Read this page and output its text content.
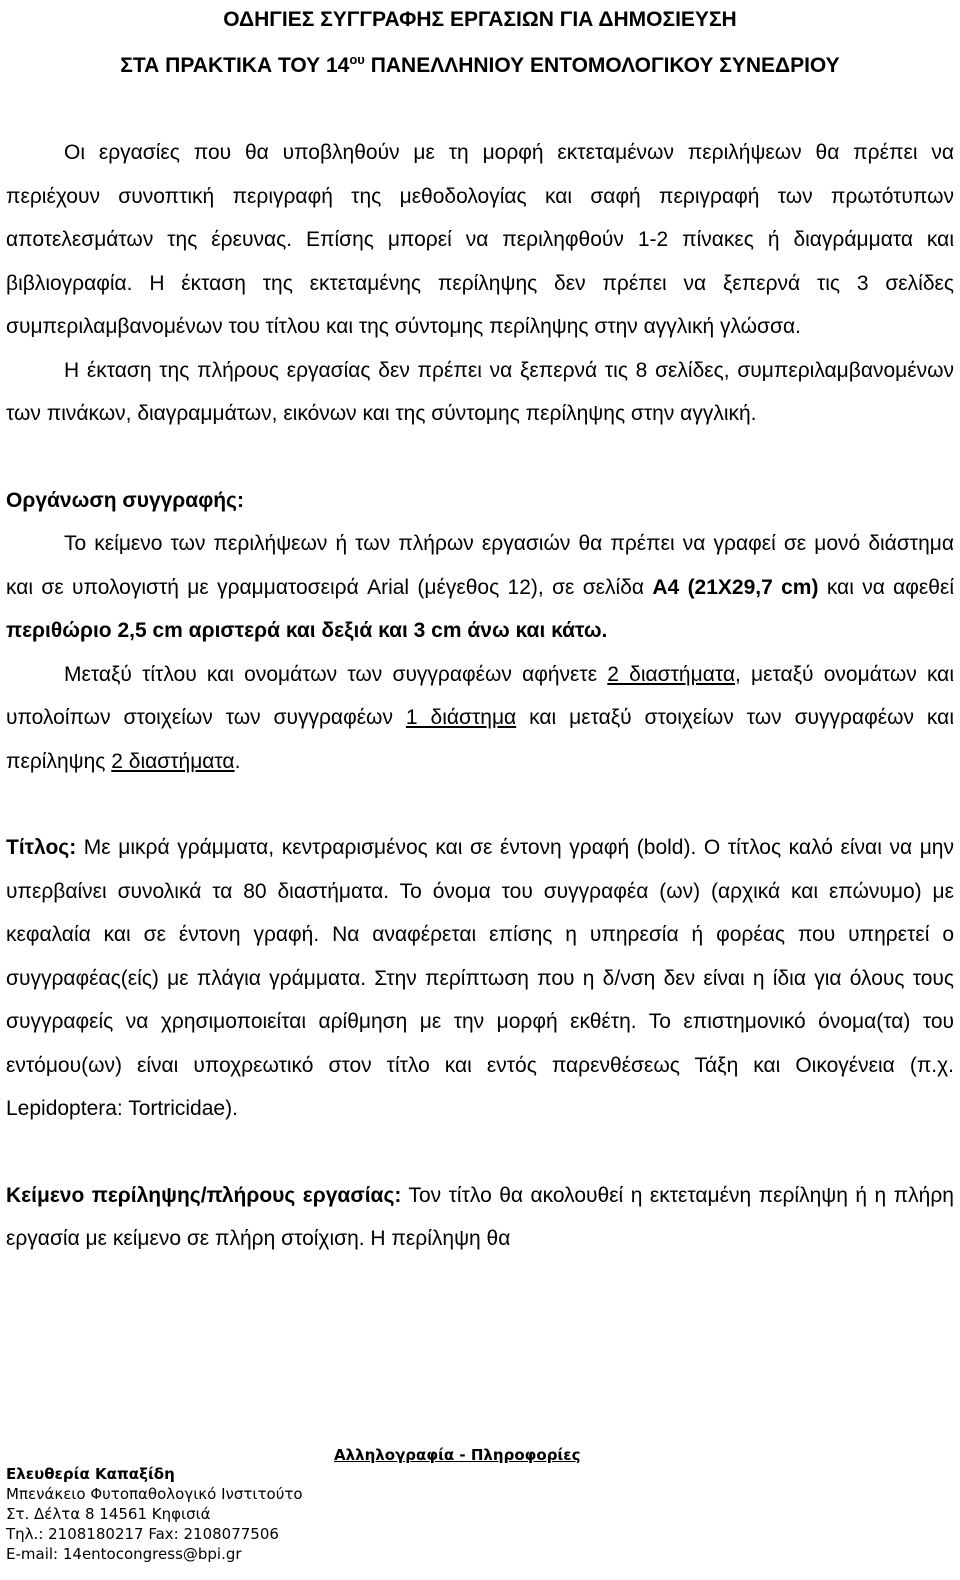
ΟΔΗΓΙΕΣ ΣΥΓΓΡΑΦΗΣ ΕΡΓΑΣΙΩΝ ΓΙΑ ΔΗΜΟΣΙΕΥΣΗ
ΣΤΑ ΠΡΑΚΤΙΚΑ ΤΟΥ $14^{o\upsilon}$ ΠΑΝΕΛΛΗΝΙΟΥ ΕΝΤΟΜΟΛΟΓΙΚΟΥ ΣΥΝΕΔΡΙΟΥ

Οι εργασίες που θα υποβληθούν με τη μορφή εκτεταμένων περιλήψεων θα πρέπει να περιέχουν συνοπτική περιγραφή της μεθοδολογίας και σαφή περιγραφή των πρωτότυπων αποτελεσμάτων της έρευνας. Επίσης μπορεί να περιληφθούν 1-2 πίνακες ή διαγράμματα και βιβλιογραφία. Η έκταση της εκτεταμένης περίληψης δεν πρέπει να ξεπερνά τις 3 σελίδες συμπεριλαμβανομένων του τίτλου και της σύντομης περίληψης στην αγγλική γλώσσα.

Η έκταση της πλήρους εργασίας δεν πρέπει να ξεπερνά τις 8 σελίδες, συμπεριλαμβανομένων των πινάκων, διαγραμμάτων, εικόνων και της σύντομης περίληψης στην αγγλική.

Οργάνωση συγγραφής:

Το κείμενο των περιλήψεων ή των πλήρων εργασιών θα πρέπει να γραφεί σε μονό διάστημα και σε υπολογιστή με γραμματοσειρά Arial (μέγεθος 12), σε σελίδα Α4 (21Χ29,7 cm) και να αφεθεί περιθώριο 2,5 cm αριστερά και δεξιά και 3 cm άνω και κάτω.

Μεταξύ τίτλου και ονομάτων των συγγραφέων αφήνετε 2 διαστήματα, μεταξύ ονομάτων και υπολοίπων στοιχείων των συγγραφέων 1 διάστημα και μεταξύ στοιχείων των συγγραφέων και περίληψης 2 διαστήματα.

Τίτλος: Με μικρά γράμματα, κεντραρισμένος και σε έντονη γραφή (bold). Ο τίτλος καλό είναι να μην υπερβαίνει συνολικά τα 80 διαστήματα. Το όνομα του συγγραφέα (ων) (αρχικά και επώνυμο) με κεφαλαία και σε έντονη γραφή. Να αναφέρεται επίσης η υπηρεσία ή φορέας που υπηρετεί ο συγγραφέας(είς) με πλάγια γράμματα. Στην περίπτωση που η δ/νση δεν είναι η ίδια για όλους τους συγγραφείς να χρησιμοποιείται αρίθμηση με την μορφή εκθέτη. Το επιστημονικό όνομα(τα) του εντόμου(ων) είναι υποχρεωτικό στον τίτλο και εντός παρενθέσεως Τάξη και Οικογένεια (π.χ. Lepidoptera: Tortricidae).

Κείμενο περίληψης/πλήρους εργασίας: Τον τίτλο θα ακολουθεί η εκτεταμένη περίληψη ή η πλήρη εργασία με κείμενο σε πλήρη στοίχιση. Η περίληψη θα

Αλληλογραφία - Πληροφορίες
Ελευθερία Καπαξίδη
Μπενάκειο Φυτοπαθολογικό Ινστιτούτο
Στ. Δέλτα 8 14561 Κηφισιά
Τηλ.: 2108180217 Fax: 2108077506
E-mail: 14entocongress@bpi.gr
